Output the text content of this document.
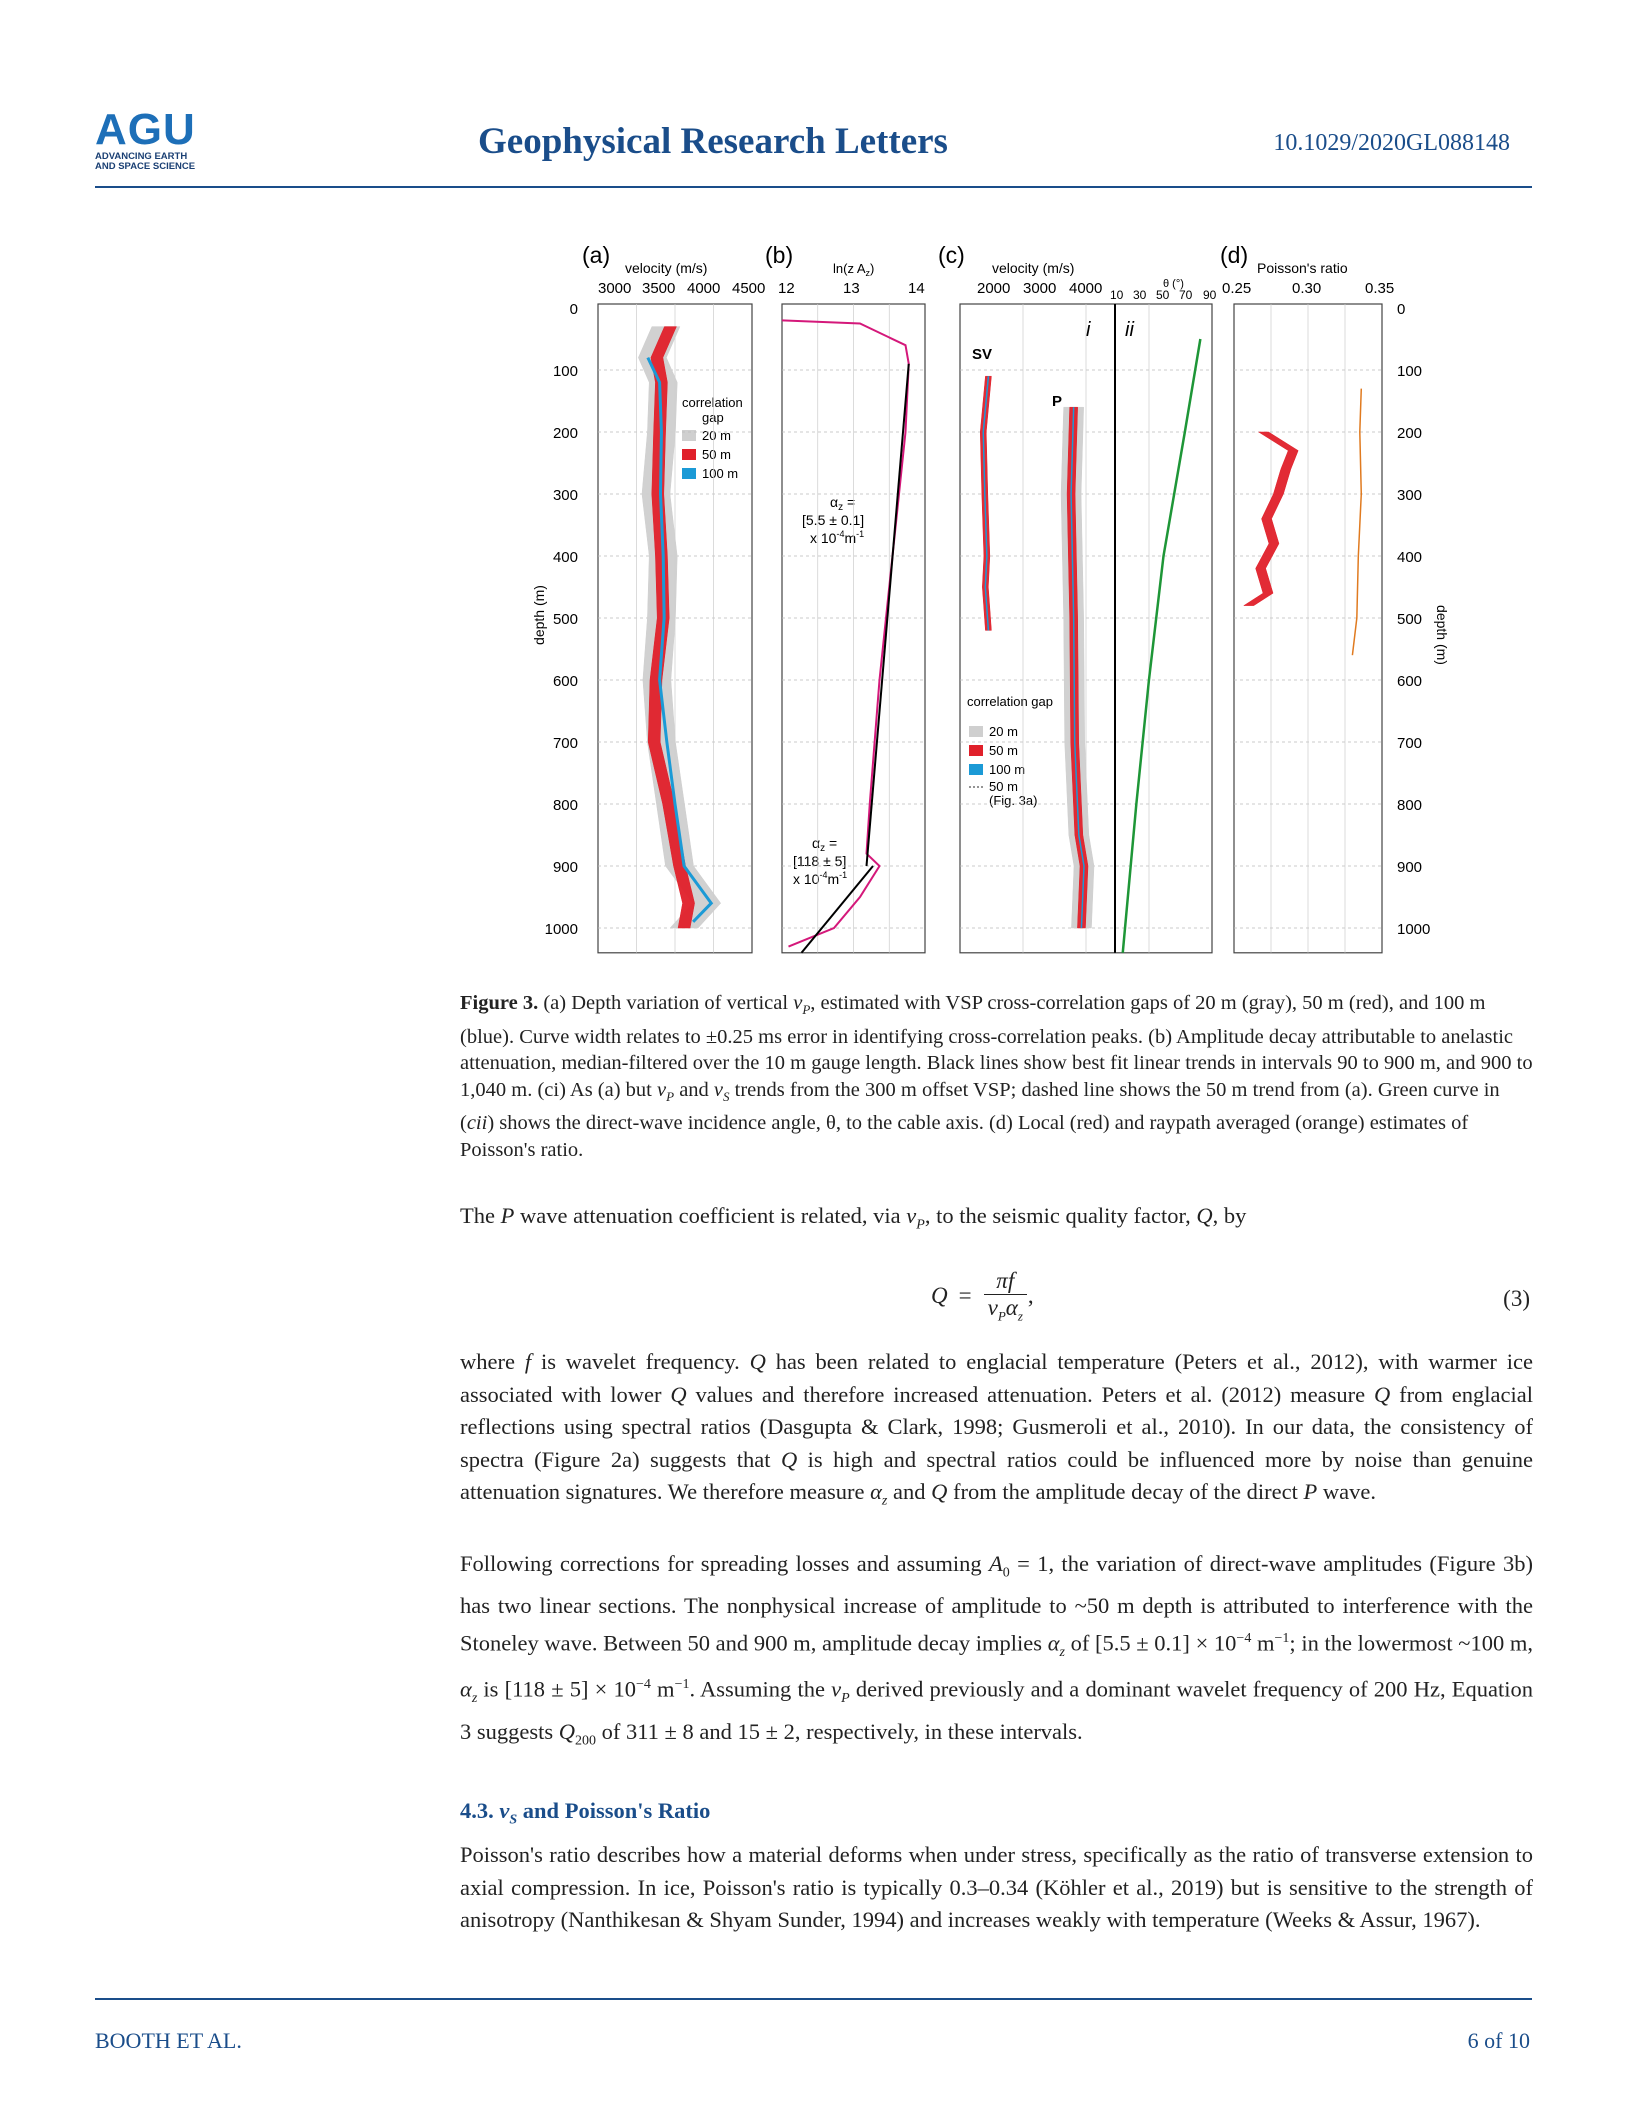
AGU
ADVANCING EARTH
AND SPACE SCIENCE
Geophysical Research Letters	10.1029/2020GL088148
(a) velocity (m/s)
3000 3500 4000 4500
0
100
200
300
400
500
600
700
800
900
1000
depth (m)
correlation
gap
20 m
50 m
100 m
(b)
ln(z $A_z$)
12	13	14
$\alpha_z$ =
[5.5 ± 0.1]
x $10^{-4}m^{-1}$
$\alpha_z$ =
[118 ± 5]
x $10^{-4}m^{-1}$
(c) velocity (m/s)
2000 3000 4000	θ (°)
10 30 50 70 90
i ii
SV
P
correlation gap
20 m
50 m
100 m
50 m
(Fig. 3a)
(d) Poisson's ratio
0.25	0.30	0.35
0
100
200
300
400
500
600
700
800
900
1000
depth (m)
Figure 3. (a) Depth variation of vertical $v_P$, estimated with VSP cross-correlation gaps of 20 m (gray), 50 m (red), and 100 m (blue). Curve width relates to ±0.25 ms error in identifying cross-correlation peaks. (b) Amplitude decay attributable to anelastic attenuation, median-filtered over the 10 m gauge length. Black lines show best fit linear trends in intervals 90 to 900 m, and 900 to 1,040 m. (ci) As (a) but $v_P$ and $v_S$ trends from the 300 m offset VSP; dashed line shows the 50 m trend from (a). Green curve in (cii) shows the direct-wave incidence angle, θ, to the cable axis. (d) Local (red) and raypath averaged (orange) estimates of Poisson's ratio.
The P wave attenuation coefficient is related, via $v_P$, to the seismic quality factor, Q, by
Q	=	πf	,
$v_P\alpha_z$
(3)
where f is wavelet frequency. Q has been related to englacial temperature (Peters et al., 2012), with warmer ice associated with lower Q values and therefore increased attenuation. Peters et al. (2012) measure Q from englacial reflections using spectral ratios (Dasgupta & Clark, 1998; Gusmeroli et al., 2010). In our data, the consistency of spectra (Figure 2a) suggests that Q is high and spectral ratios could be influenced more by noise than genuine attenuation signatures. We therefore measure $\alpha_z$ and Q from the amplitude decay of the direct P wave.
Following corrections for spreading losses and assuming $A_0 = 1$, the variation of direct-wave amplitudes (Figure 3b) has two linear sections. The nonphysical increase of amplitude to ~50 m depth is attributed to interference with the Stoneley wave. Between 50 and 900 m, amplitude decay implies $\alpha_z$ of $[5.5 \pm 0.1] \times 10^{-4}$ $m^{-1}$; in the lowermost ~100 m, $\alpha_z$ is $[118 \pm 5] \times 10^{-4}$ $m^{-1}$. Assuming the $v_P$ derived previously and a dominant wavelet frequency of 200 Hz, Equation 3 suggests $Q_{200}$ of 311 ± 8 and 15 ± 2, respectively, in these intervals.
4.3. $v_S$ and Poisson's Ratio
Poisson's ratio describes how a material deforms when under stress, specifically as the ratio of transverse extension to axial compression. In ice, Poisson's ratio is typically 0.3–0.34 (Köhler et al., 2019) but is sensitive to the strength of anisotropy (Nanthikesan & Shyam Sunder, 1994) and increases weakly with temperature (Weeks & Assur, 1967).
BOOTH ET AL.	6 of 10
